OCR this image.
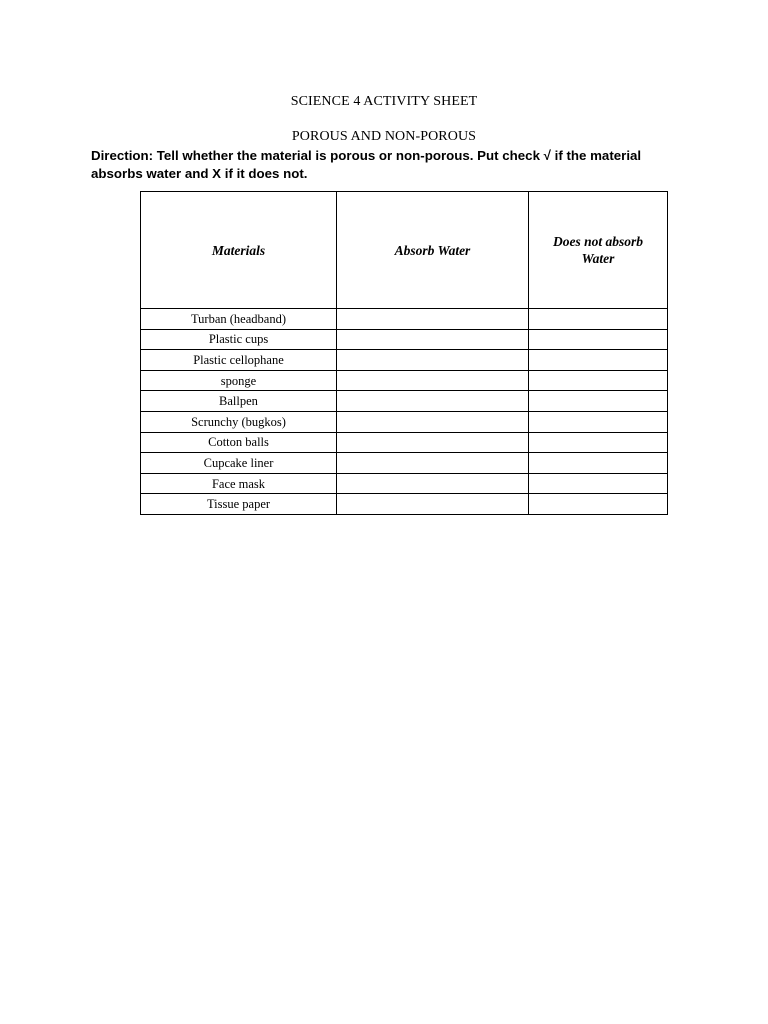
SCIENCE 4 ACTIVITY SHEET
POROUS AND NON-POROUS
Direction: Tell whether the material is porous or non-porous. Put check √ if the material
absorbs water and X if it does not.
Materials	Absorb Water	Does not absorb Water
Turban (headband)		
Plastic cups		
Plastic cellophane		
sponge		
Ballpen		
Scrunchy (bugkos)		
Cotton balls		
Cupcake liner		
Face mask		
Tissue paper		
